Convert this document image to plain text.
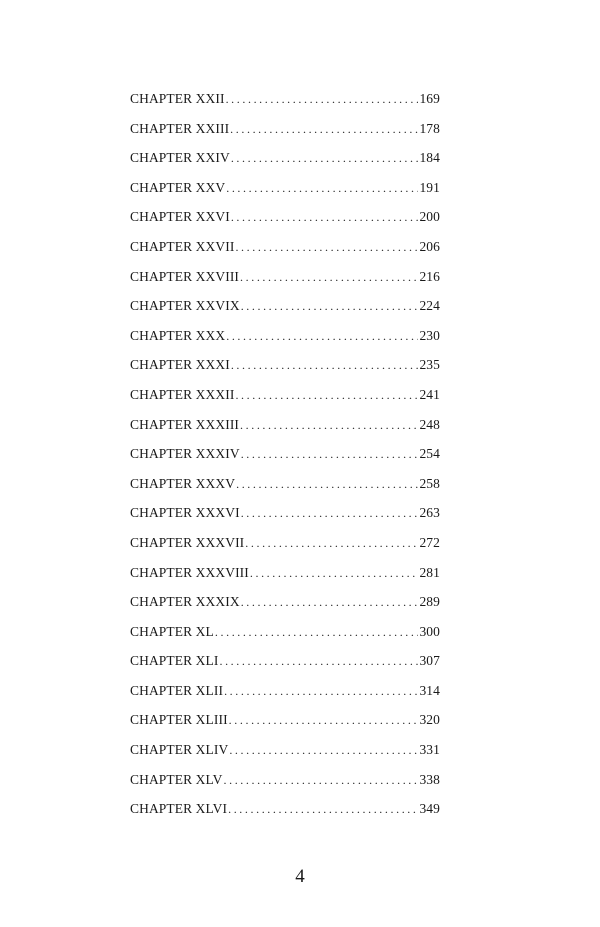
CHAPTER XXII .....	169
CHAPTER XXIII .....	178
CHAPTER XXIV .....	184
CHAPTER XXV .....	191
CHAPTER XXVI .....	200
CHAPTER XXVII .....	206
CHAPTER XXVIII .....	216
CHAPTER XXVIX .....	224
CHAPTER XXX .....	230
CHAPTER XXXI .....	235
CHAPTER XXXII .....	241
CHAPTER XXXIII .....	248
CHAPTER XXXIV .....	254
CHAPTER XXXV .....	258
CHAPTER XXXVI .....	263
CHAPTER XXXVII .....	272
CHAPTER XXXVIII .....	281
CHAPTER XXXIX .....	289
CHAPTER XL .....	300
CHAPTER XLI .....	307
CHAPTER XLII .....	314
CHAPTER XLIII .....	320
CHAPTER XLIV .....	331
CHAPTER XLV .....	338
CHAPTER XLVI .....	349
4
